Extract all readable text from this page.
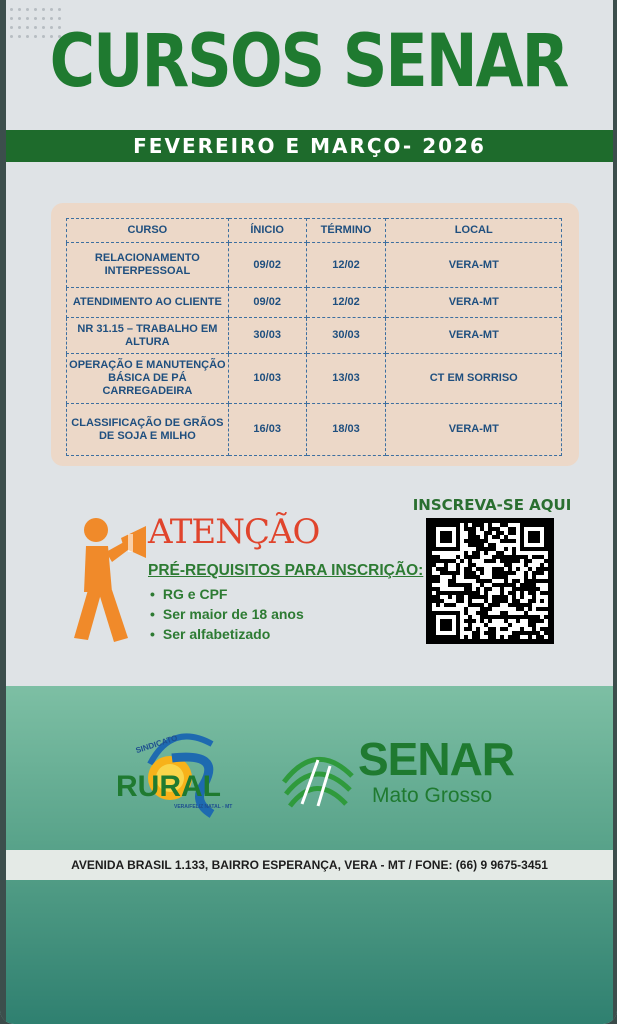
CURSOS SENAR
FEVEREIRO E MARÇO- 2026
CURSO	ÍNICIO	TÉRMINO	LOCAL
RELACIONAMENTO INTERPESSOAL	09/02	12/02	VERA-MT
ATENDIMENTO AO CLIENTE	09/02	12/02	VERA-MT
NR 31.15 – TRABALHO EM ALTURA	30/03	30/03	VERA-MT
OPERAÇÃO E MANUTENÇÃO BÁSICA DE PÁ CARREGADEIRA	10/03	13/03	CT EM SORRISO
CLASSIFICAÇÃO DE GRÃOS DE SOJA E MILHO	16/03	18/03	VERA-MT
ATENÇÃO
PRÉ-REQUISITOS PARA INSCRIÇÃO:
• RG e CPF
• Ser maior de 18 anos
• Ser alfabetizado
INSCREVA-SE AQUI
SINDICATO
RURAL
VERA/FELIZ NATAL - MT
SENAR
Mato Grosso
AVENIDA BRASIL 1.133, BAIRRO ESPERANÇA, VERA - MT / FONE: (66) 9 9675-3451
